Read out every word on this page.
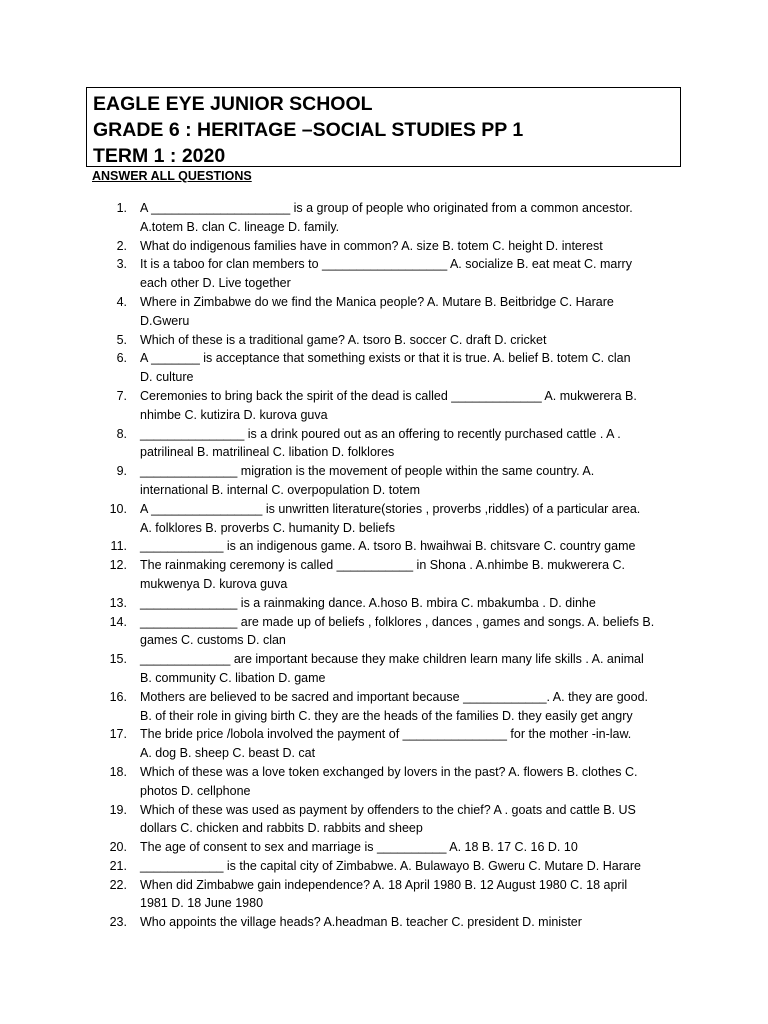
EAGLE EYE JUNIOR SCHOOL
GRADE 6 : HERITAGE –SOCIAL STUDIES PP 1
TERM 1 : 2020
ANSWER ALL QUESTIONS
1. A ____________________ is a group of people who originated from a common ancestor.
A.totem B. clan C. lineage D. family.
2. What do indigenous families have in common? A. size B. totem C. height D. interest
3. It is a taboo for clan members to __________________ A. socialize B. eat meat C. marry
each other D. Live together
4. Where in Zimbabwe do we find the Manica people? A. Mutare B. Beitbridge C. Harare
D.Gweru
5. Which of these is a traditional game? A. tsoro B. soccer C. draft D. cricket
6. A _______ is acceptance that something exists or that it is true. A. belief B. totem C. clan
D. culture
7. Ceremonies to bring back the spirit of the dead is called _____________ A. mukwerera B.
nhimbe C. kutizira D. kurova guva
8. _______________ is a drink poured out as an offering to recently purchased cattle . A .
patrilineal B. matrilineal C. libation D. folklores
9. ______________ migration is the movement of people within the same country. A.
international B. internal C. overpopulation D. totem
10. A ________________ is unwritten literature(stories , proverbs ,riddles) of a particular area.
A. folklores B. proverbs C. humanity D. beliefs
11. ____________ is an indigenous game. A. tsoro B. hwaihwai B. chitsvare C. country game
12. The rainmaking ceremony is called ___________ in Shona . A.nhimbe B. mukwerera C.
mukwenya D. kurova guva
13. ______________ is a rainmaking dance. A.hoso B. mbira C. mbakumba . D. dinhe
14. ______________ are made up of beliefs , folklores , dances , games and songs. A. beliefs B.
games C. customs D. clan
15. _____________ are important because they make children learn many life skills . A. animal
B. community C. libation D. game
16. Mothers are believed to be sacred and important because ____________. A. they are good.
B. of their role in giving birth C. they are the heads of the families D. they easily get angry
17. The bride price /lobola involved the payment of _______________ for the mother -in-law.
A. dog B. sheep C. beast D. cat
18. Which of these was a love token exchanged by lovers in the past? A. flowers B. clothes C.
photos D. cellphone
19. Which of these was used as payment by offenders to the chief? A . goats and cattle B. US
dollars C. chicken and rabbits D. rabbits and sheep
20. The age of consent to sex and marriage is __________ A. 18 B. 17 C. 16 D. 10
21. ____________ is the capital city of Zimbabwe. A. Bulawayo B. Gweru C. Mutare D. Harare
22. When did Zimbabwe gain independence? A. 18 April 1980 B. 12 August 1980 C. 18 april
1981 D. 18 June 1980
23. Who appoints the village heads? A.headman B. teacher C. president D. minister
